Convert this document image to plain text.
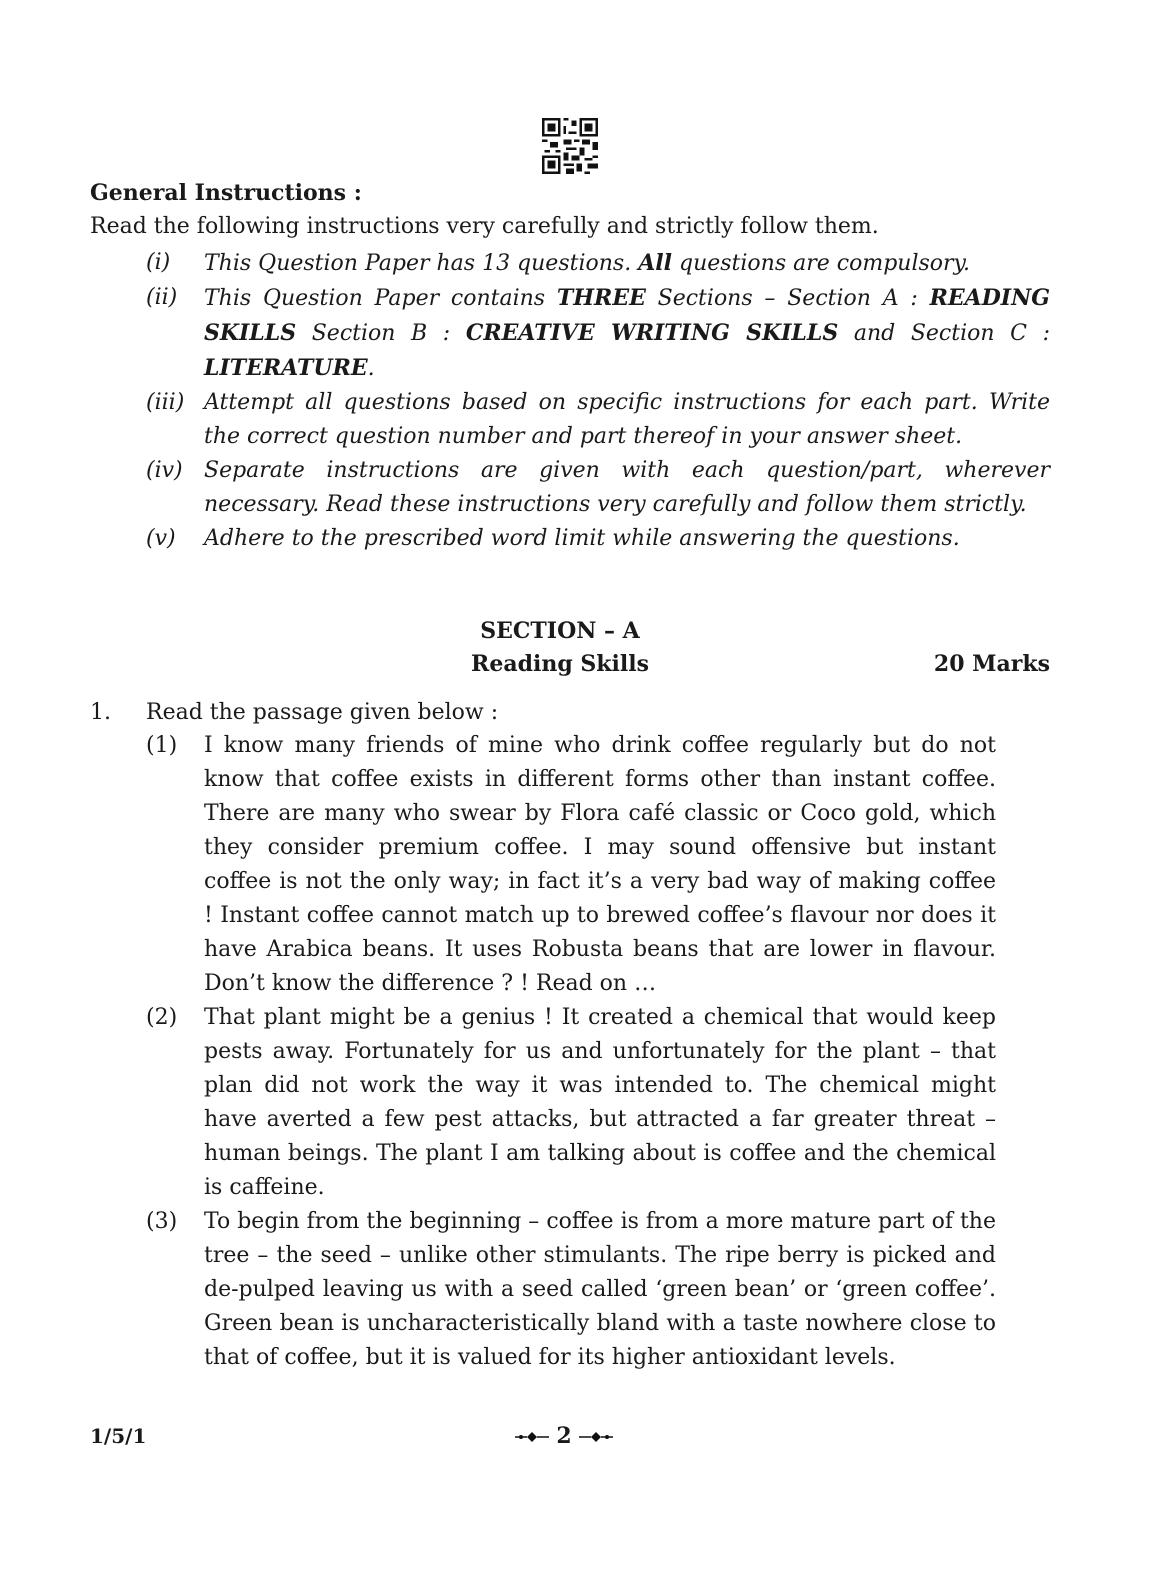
General Instructions :
Read the following instructions very carefully and strictly follow them.
(i)	This Question Paper has 13 questions. All questions are compulsory.
(ii)	This Question Paper contains THREE Sections – Section A : READING SKILLS Section B : CREATIVE WRITING SKILLS and Section C : LITERATURE.
(iii) Attempt all questions based on specific instructions for each part. Write the correct question number and part thereof in your answer sheet.
(iv) Separate instructions are given with each question/part, wherever necessary. Read these instructions very carefully and follow them strictly.
(v)	Adhere to the prescribed word limit while answering the questions.
SECTION – A
Reading Skills	20 Marks
1. Read the passage given below :
(1)	I know many friends of mine who drink coffee regularly but do not know that coffee exists in different forms other than instant coffee. There are many who swear by Flora café classic or Coco gold, which they consider premium coffee. I may sound offensive but instant coffee is not the only way; in fact it’s a very bad way of making coffee ! Instant coffee cannot match up to brewed coffee’s flavour nor does it have Arabica beans. It uses Robusta beans that are lower in flavour. Don’t know the difference ? ! Read on …
(2)	That plant might be a genius ! It created a chemical that would keep pests away. Fortunately for us and unfortunately for the plant – that plan did not work the way it was intended to. The chemical might have averted a few pest attacks, but attracted a far greater threat – human beings. The plant I am talking about is coffee and the chemical is caffeine.
(3)	To begin from the beginning – coffee is from a more mature part of the tree – the seed – unlike other stimulants. The ripe berry is picked and de-pulped leaving us with a seed called ‘green bean’ or ‘green coffee’. Green bean is uncharacteristically bland with a taste nowhere close to that of coffee, but it is valued for its higher antioxidant levels.
1/5/1	2
